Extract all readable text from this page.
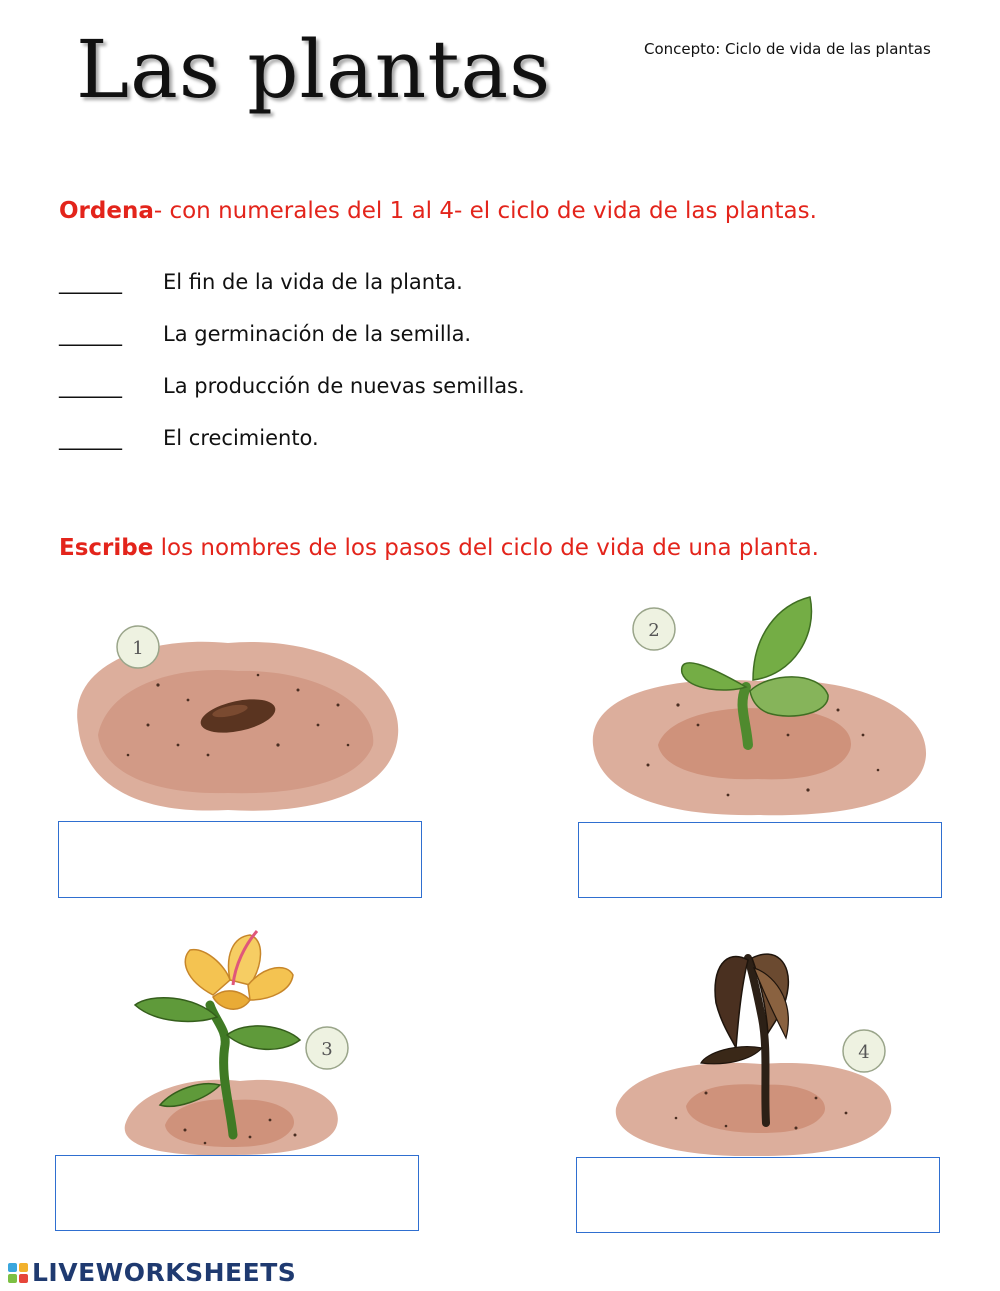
Las plantas	Concepto: Ciclo de vida de las plantas
Ordena- con numerales del 1 al 4- el ciclo de vida de las plantas.
______ El fin de la vida de la planta.
______ La germinación de la semilla.
______ La producción de nuevas semillas.
______ El crecimiento.
Escribe los nombres de los pasos del ciclo de vida de una planta.
1
2
3	4
LIVEWORKSHEETS
